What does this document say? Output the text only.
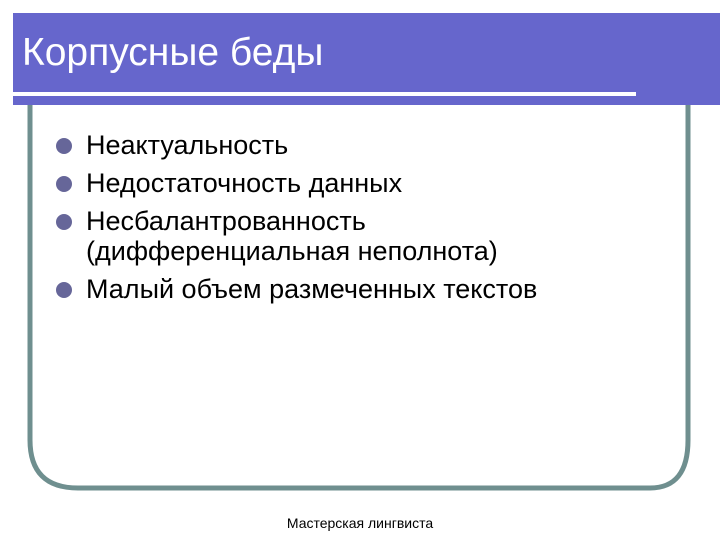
Корпусные беды
Неактуальность
Недостаточность данных
Несбалантрованность
(дифференциальная неполнота)
Малый объем размеченных текстов
Мастерская лингвиста
